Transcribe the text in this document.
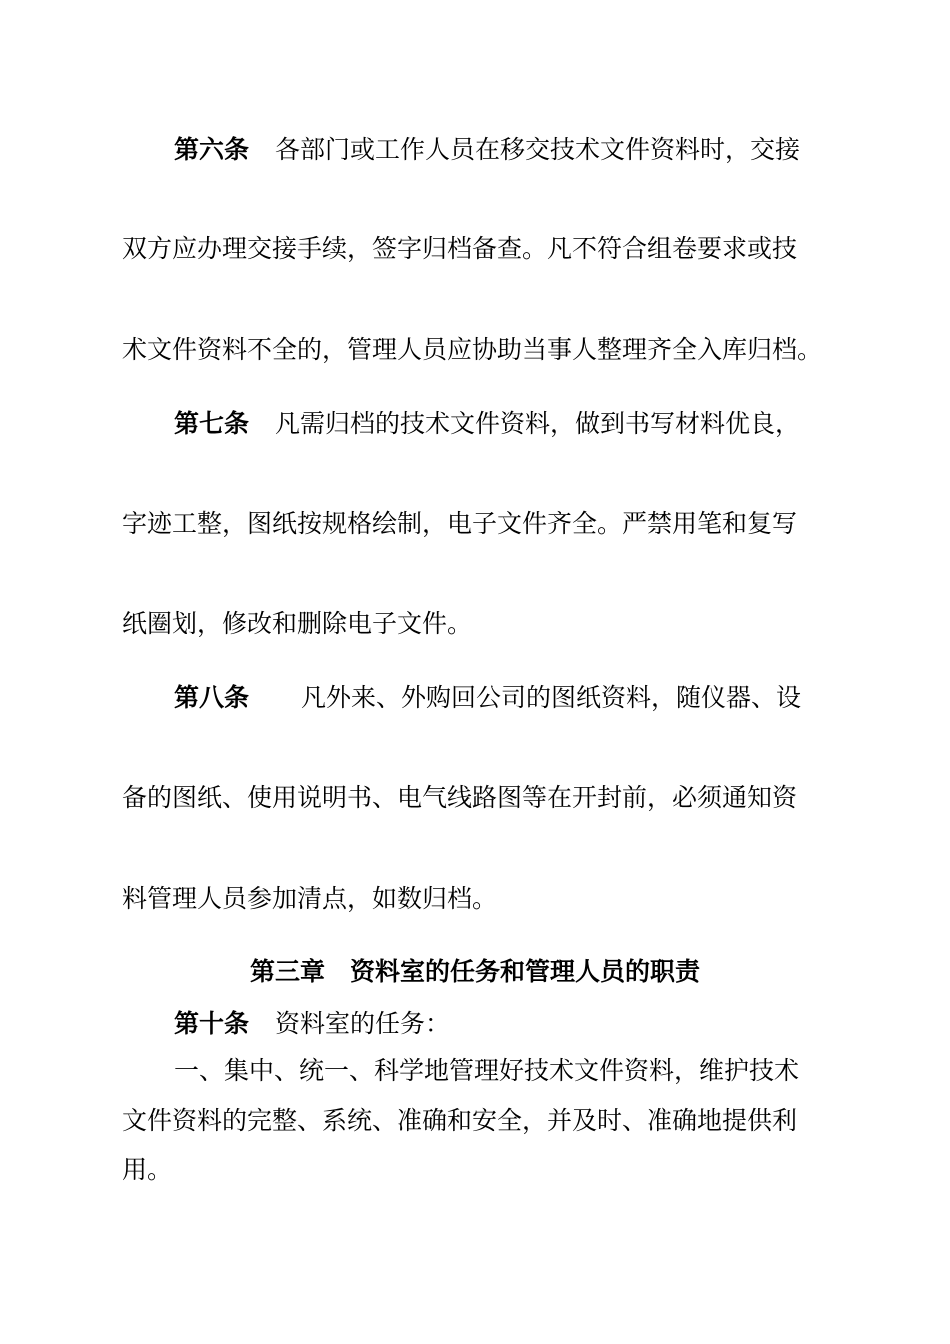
第六条 各部门或工作人员在移交技术文件资料时，交接
双方应办理交接手续，签字归档备查。凡不符合组卷要求或技
术文件资料不全的，管理人员应协助当事人整理齐全入库归档。
第七条 凡需归档的技术文件资料，做到书写材料优良，
字迹工整，图纸按规格绘制，电子文件齐全。严禁用笔和复写
纸圈划，修改和删除电子文件。
第八条 凡外来、外购回公司的图纸资料，随仪器、设
备的图纸、使用说明书、电气线路图等在开封前，必须通知资
料管理人员参加清点，如数归档。
第三章　资料室的任务和管理人员的职责
第十条 资料室的任务：
一、集中、统一、科学地管理好技术文件资料，维护技术
文件资料的完整、系统、准确和安全，并及时、准确地提供利
用。
